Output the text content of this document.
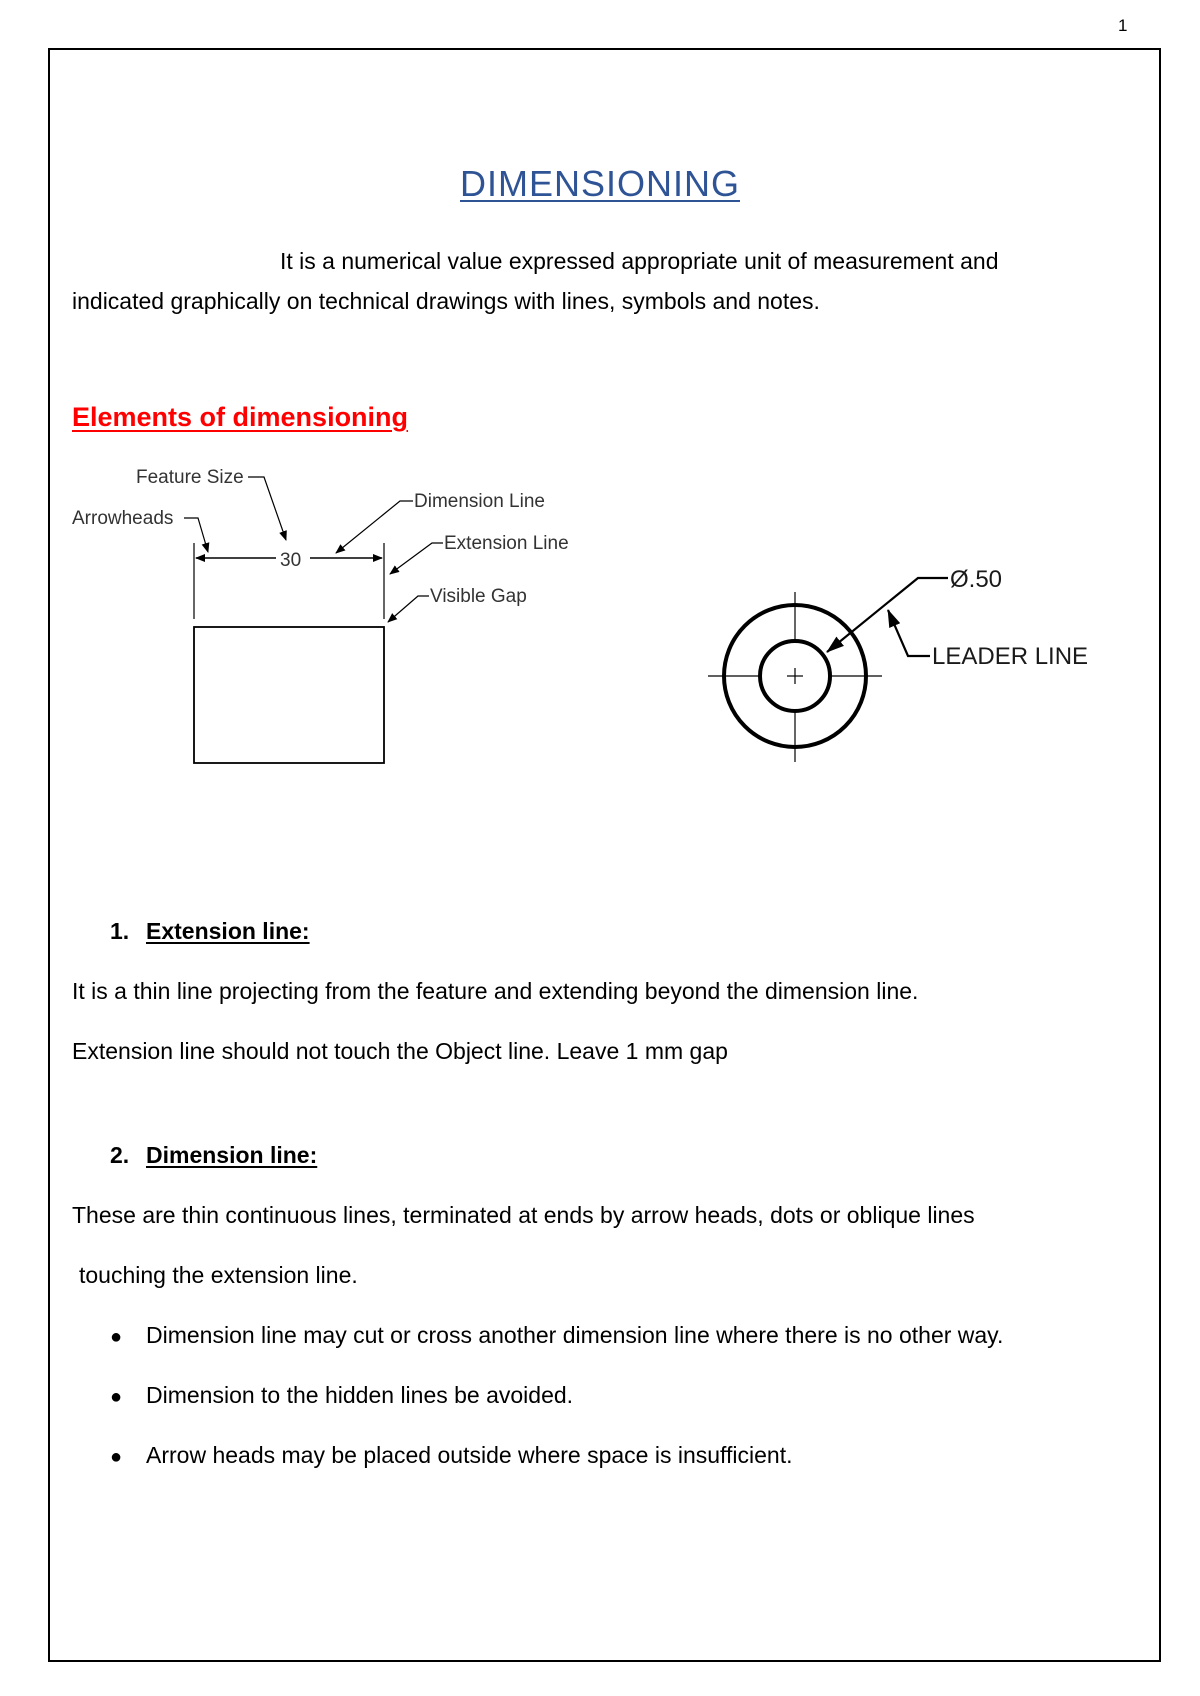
1
DIMENSIONING
It is a numerical value expressed appropriate unit of measurement and
indicated graphically on technical drawings with lines, symbols and notes.
Elements of dimensioning
30
Feature Size
Arrowheads
Dimension Line
Extension Line
Visible Gap
Ø.50
LEADER LINE
1. Extension line:
It is a thin line projecting from the feature and extending beyond the dimension line.
Extension line should not touch the Object line. Leave 1 mm gap
2. Dimension line:
These are thin continuous lines, terminated at ends by arrow heads, dots or oblique lines
touching the extension line.
● Dimension line may cut or cross another dimension line where there is no other way.
● Dimension to the hidden lines be avoided.
● Arrow heads may be placed outside where space is insufficient.
